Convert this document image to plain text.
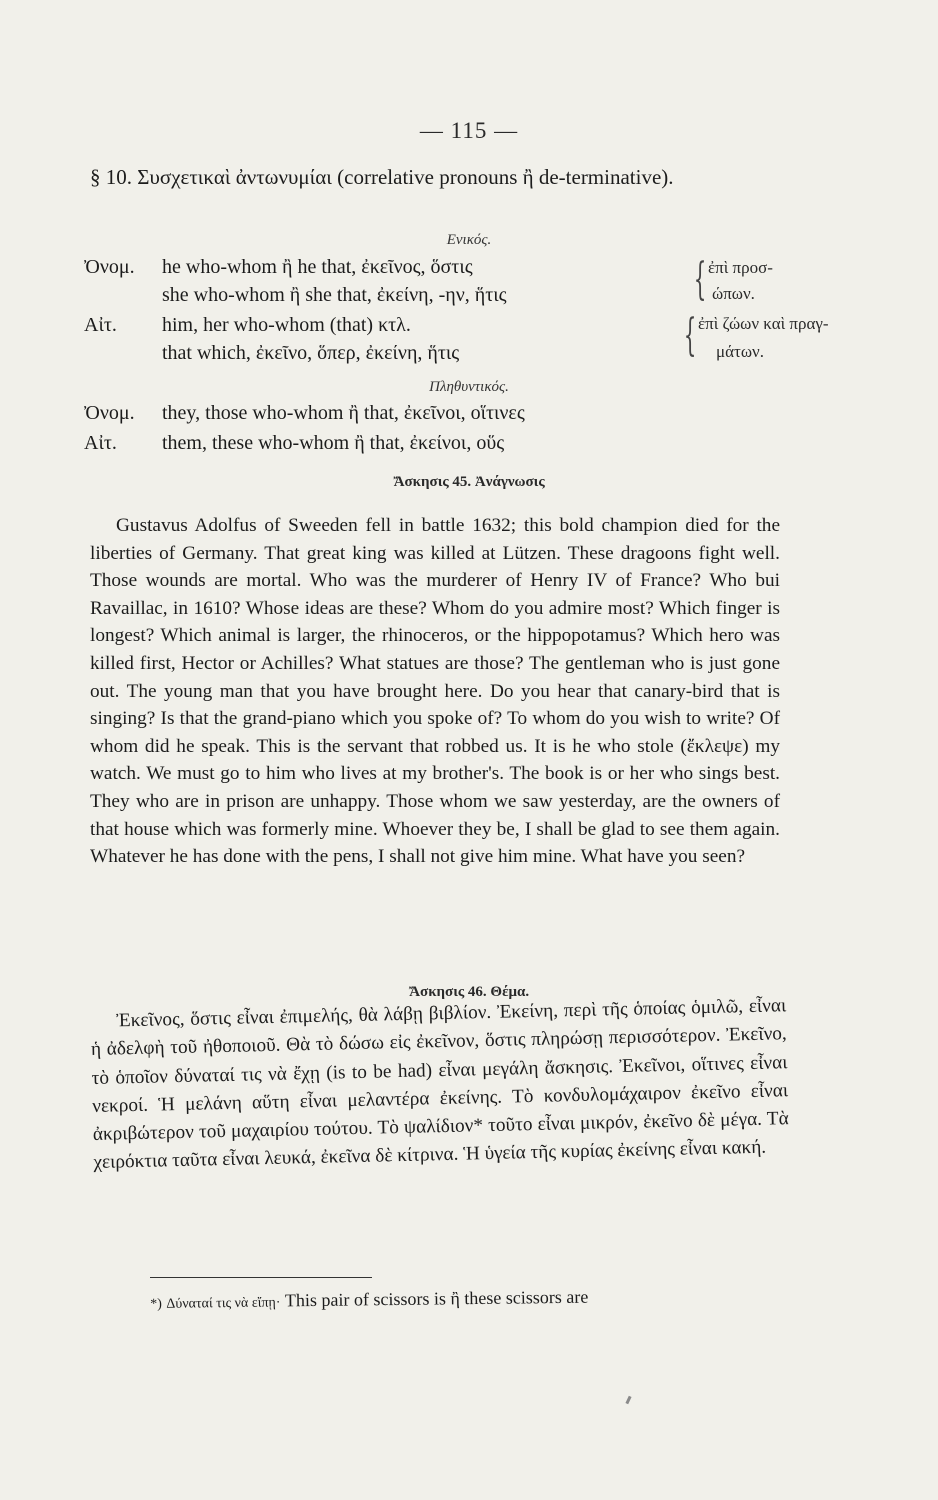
— 115 —
§ 10. Συσχετικαὶ ἀντωνυμίαι (correlative pronouns ἢ de-terminative).
Ενικός.
Ὀνομ. he who-whom ἢ he that, ἐκεῖνος, ὅστις
she who-whom ἢ she that, ἐκείνη, -ην, ἥτις
Αἰτ. him, her who-whom (that) κτλ.
that which, ἐκεῖνο, ὅπερ, ἐκείνη, ἥτις
{ ἐπὶ προσ-
ώπων.
{ ἐπὶ ζώων καὶ πραγ-
μάτων.
Πληθυντικός.
Ὀνομ. they, those who-whom ἢ that, ἐκεῖνοι, οἵτινες
Αἰτ. them, these who-whom ἢ that, ἐκείνοι, οὕς
Ἄσκησις 45. Ἀνάγνωσις

Gustavus Adolfus of Sweeden fell in battle 1632; this bold champion died for the liberties of Germany. That great king was killed at Lützen. These dragoons fight well. Those wounds are mortal. Who was the murderer of Henry IV of France? Who bui Ravaillac, in 1610? Whose ideas are these? Whom do you admire most? Which finger is longest? Which animal is larger, the rhinoceros, or the hippopotamus? Which hero was killed first, Hector or Achilles? What statues are those? The gentleman who is just gone out. The young man that you have brought here. Do you hear that canary-bird that is singing? Is that the grand-piano which you spoke of? To whom do you wish to write? Of whom did he speak. This is the servant that robbed us. It is he who stole (ἔκλεψε) my watch. We must go to him who lives at my brother's. The book is or her who sings best. They who are in prison are unhappy. Those whom we saw yesterday, are the owners of that house which was formerly mine. Whoever they be, I shall be glad to see them again. Whatever he has done with the pens, I shall not give him mine. What have you seen?

Ἄσκησις 46. Θέμα.

Ἐκεῖνος, ὅστις εἶναι ἐπιμελής, θὰ λάβῃ βιβλίον. Ἐκείνη, περὶ τῆς ὁποίας ὁμιλῶ, εἶναι ἡ ἀδελφὴ τοῦ ἠθοποιοῦ. Θὰ τὸ δώσω εἰς ἐκεῖνον, ὅστις πληρώσῃ περισσότερον. Ἐκεῖνο, τὸ ὁποῖον δύναταί τις νὰ ἔχῃ (is to be had) εἶναι μεγάλη ἄσκησις. Ἐκεῖνοι, οἵτινες εἶναι νεκροί. Ἡ μελάνη αὕτη εἶναι μελαντέρα ἐκείνης. Τὸ κονδυλομάχαιρον ἐκεῖνο εἶναι ἀκριβώτερον τοῦ μαχαιρίου τούτου. Τὸ ψαλίδιον* τοῦτο εἶναι μικρόν, ἐκεῖνο δὲ μέγα. Τὰ χειρόκτια ταῦτα εἶναι λευκά, ἐκεῖνα δὲ κίτρινα. Ἡ ὑγεία τῆς κυρίας ἐκείνης εἶναι κακή.

*) Δύναταί τις νὰ εἴπῃ· This pair of scissors is ἢ these scissors are
